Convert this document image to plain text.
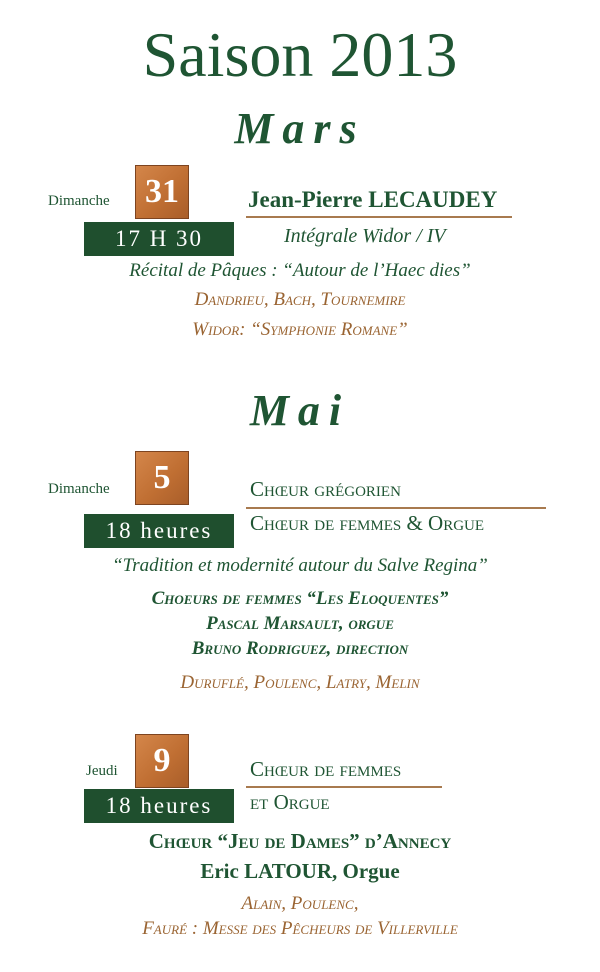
Saison 2013
Mars
Dimanche 31
17 H 30
Jean-Pierre LECAUDEY
Intégrale Widor / IV
Récital de Pâques : “Autour de l’Haec dies”
Dandrieu, Bach, Tournemire
Widor: “Symphonie Romane”
Mai
Dimanche	5
18 heures
Chœur grégorien
Chœur de femmes & Orgue
“Tradition et modernité autour du Salve Regina”
Choeurs de femmes “Les Eloquentes”
Pascal Marsault, orgue
Bruno Rodriguez, direction
Duruflé, Poulenc, Latry, Melin
Jeudi	9
18 heures
Chœur de femmes
et Orgue
Chœur “Jeu de Dames” d’Annecy
Eric LATOUR, Orgue
Alain, Poulenc,
Fauré : Messe des Pêcheurs de Villerville
